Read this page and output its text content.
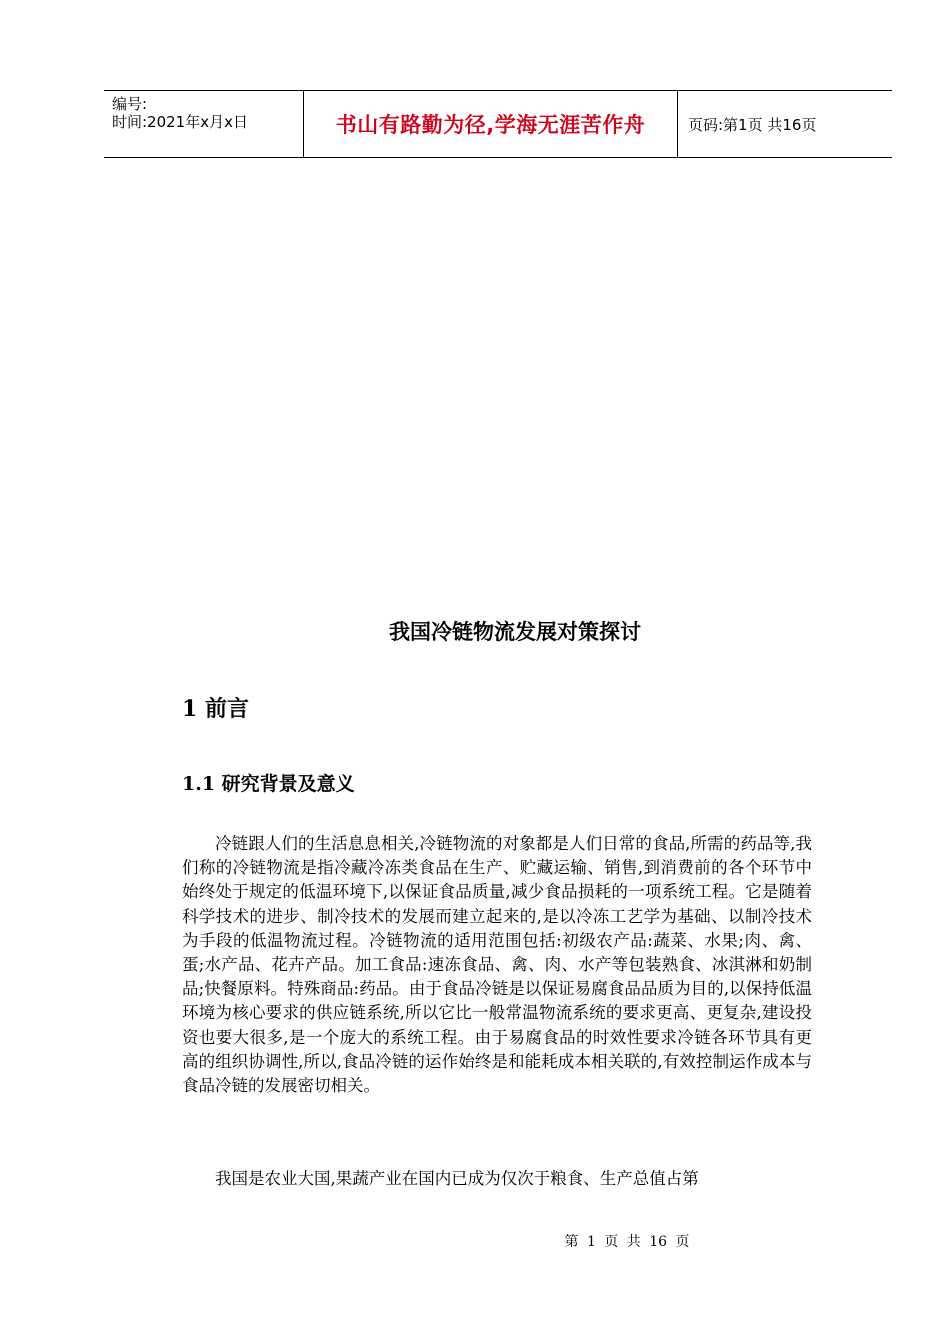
编号:
时间:2021年x月x日	书山有路勤为径,学海无涯苦作舟	页码:第1页 共16页
我国冷链物流发展对策探讨
1 前言
1.1 研究背景及意义

冷链跟人们的生活息息相关,冷链物流的对象都是人们日常的食品,所需的药品等,我们称的冷链物流是指冷藏冷冻类食品在生产、贮藏运输、销售,到消费前的各个环节中始终处于规定的低温环境下,以保证食品质量,减少食品损耗的一项系统工程。它是随着科学技术的进步、制冷技术的发展而建立起来的,是以冷冻工艺学为基础、以制冷技术为手段的低温物流过程。冷链物流的适用范围包括:初级农产品:蔬菜、水果;肉、禽、蛋;水产品、花卉产品。加工食品:速冻食品、禽、肉、水产等包装熟食、冰淇淋和奶制品;快餐原料。特殊商品:药品。由于食品冷链是以保证易腐食品品质为目的,以保持低温环境为核心要求的供应链系统,所以它比一般常温物流系统的要求更高、更复杂,建设投资也要大很多,是一个庞大的系统工程。由于易腐食品的时效性要求冷链各环节具有更高的组织协调性,所以,食品冷链的运作始终是和能耗成本相关联的,有效控制运作成本与食品冷链的发展密切相关。

我国是农业大国,果蔬产业在国内已成为仅次于粮食、生产总值占第

第 1 页 共 16 页
